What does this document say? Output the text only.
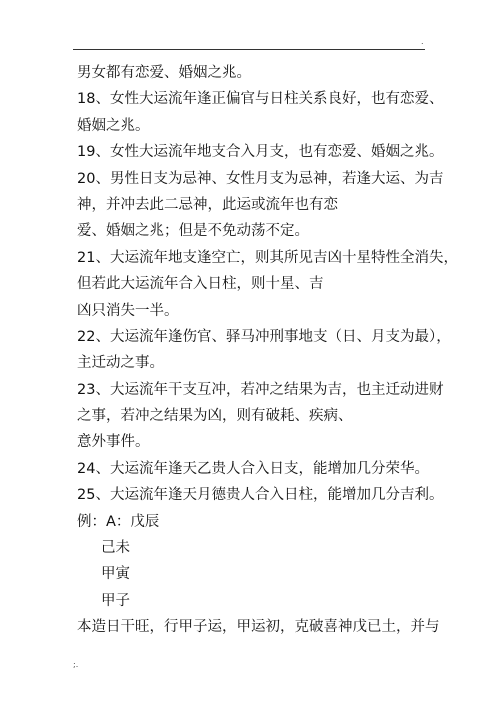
.
男女都有恋爱、婚姻之兆。
18、女性大运流年逢正偏官与日柱关系良好，也有恋爱、
婚姻之兆。
19、女性大运流年地支合入月支，也有恋爱、婚姻之兆。
20、男性日支为忌神、女性月支为忌神，若逢大运、为吉
神，并冲去此二忌神，此运或流年也有恋
爱、婚姻之兆；但是不免动荡不定。
21、大运流年地支逢空亡，则其所见吉凶十星特性全消失，
但若此大运流年合入日柱，则十星、吉
凶只消失一半。
22、大运流年逢伤官、驿马冲刑事地支（日、月支为最），
主迁动之事。
23、大运流年干支互冲，若冲之结果为吉，也主迁动进财
之事，若冲之结果为凶，则有破耗、疾病、
意外事件。
24、大运流年逢天乙贵人合入日支，能增加几分荣华。
25、大运流年逢天月德贵人合入日柱，能增加几分吉利。
例：A：戊辰
己未
甲寅
甲子
本造日干旺，行甲子运，甲运初，克破喜神戊已土，并与
;.
